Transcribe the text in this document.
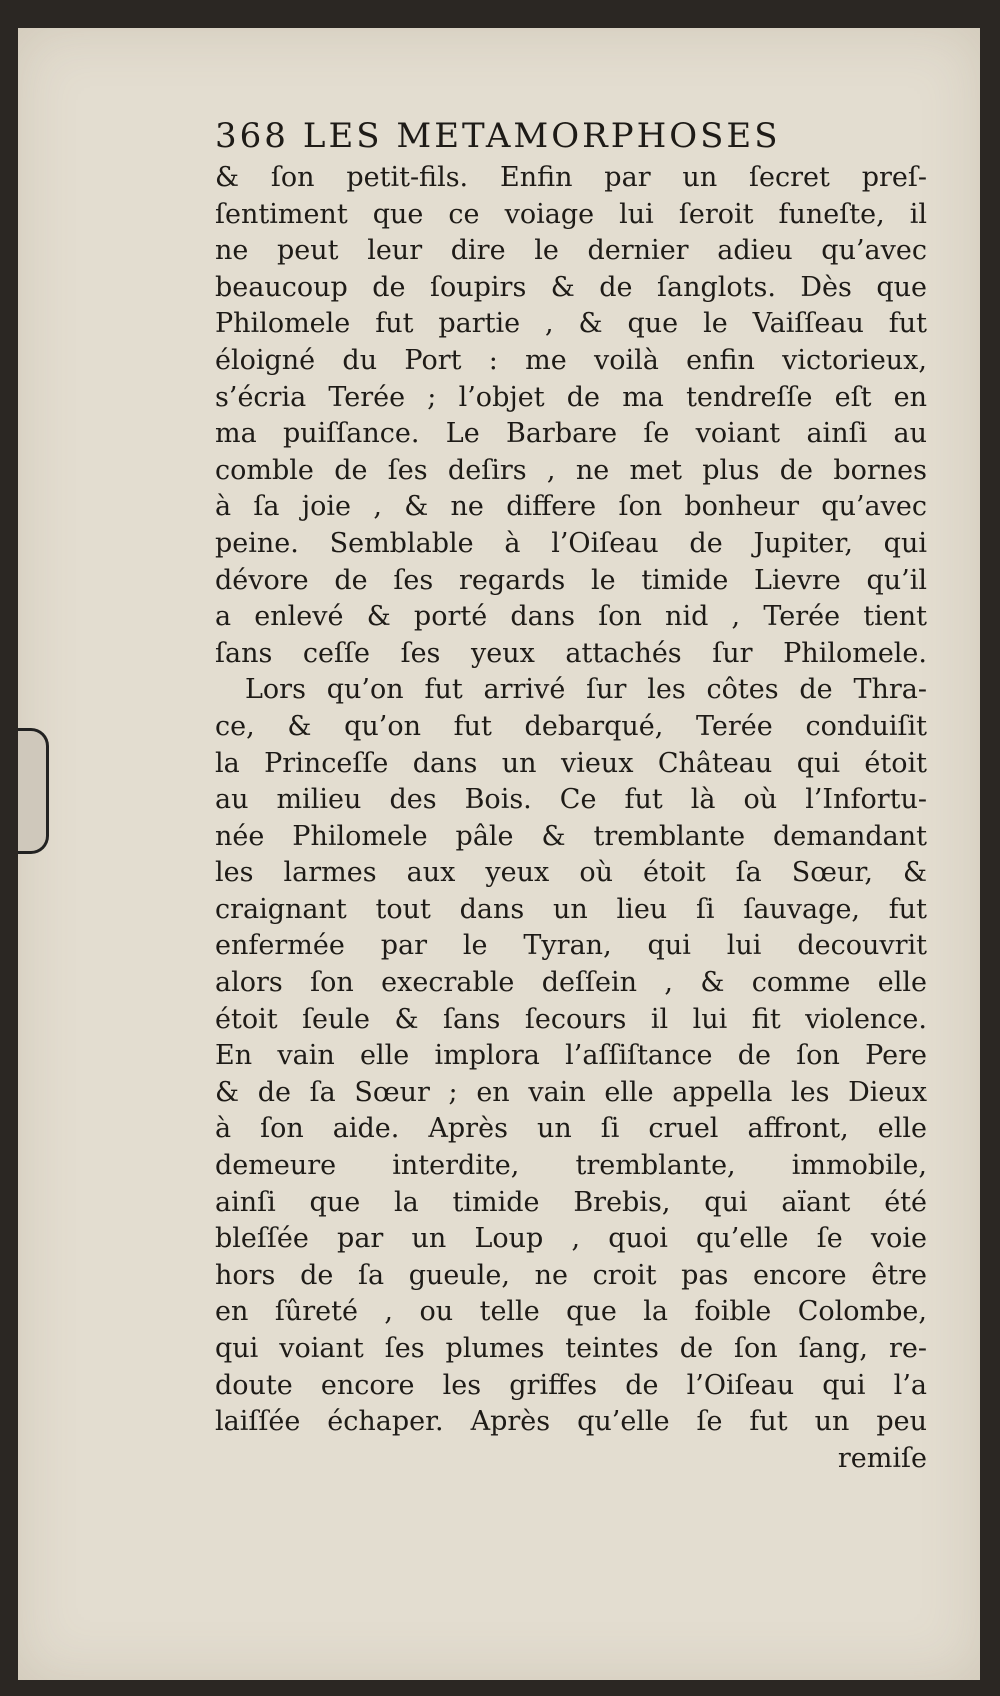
368 LES METAMORPHOSES
& ſon petit-fils. Enfin par un ſecret preſ-
ſentiment que ce voiage lui ſeroit funeſte, il
ne peut leur dire le dernier adieu qu’avec
beaucoup de ſoupirs & de ſanglots. Dès que
Philomele fut partie , & que le Vaiſſeau fut
éloigné du Port : me voilà enfin victorieux,
s’écria Terée ; l’objet de ma tendreſſe eſt en
ma puiſſance. Le Barbare ſe voiant ainſi au
comble de ſes deſirs , ne met plus de bornes
à ſa joie , & ne differe ſon bonheur qu’avec
peine. Semblable à l’Oiſeau de Jupiter, qui
dévore de ſes regards le timide Lievre qu’il
a enlevé & porté dans ſon nid , Terée tient
ſans ceſſe ſes yeux attachés ſur Philomele.
Lors qu’on fut arrivé ſur les côtes de Thra-
ce, & qu’on fut debarqué, Terée conduiſit
la Princeſſe dans un vieux Château qui étoit
au milieu des Bois. Ce fut là où l’Infortu-
née Philomele pâle & tremblante demandant
les larmes aux yeux où étoit ſa Sœur, &
craignant tout dans un lieu ſi ſauvage, fut
enfermée par le Tyran, qui lui decouvrit
alors ſon execrable deſſein , & comme elle
étoit ſeule & ſans ſecours il lui fit violence.
En vain elle implora l’aſſiſtance de ſon Pere
& de ſa Sœur ; en vain elle appella les Dieux
à ſon aide. Après un ſi cruel affront, elle
demeure interdite, tremblante, immobile,
ainſi que la timide Brebis, qui aïant été
bleſſée par un Loup , quoi qu’elle ſe voie
hors de ſa gueule, ne croit pas encore être
en ſûreté , ou telle que la foible Colombe,
qui voiant ſes plumes teintes de ſon ſang, re-
doute encore les griffes de l’Oiſeau qui l’a
laiſſée échaper. Après qu’elle ſe fut un peu
remiſe
